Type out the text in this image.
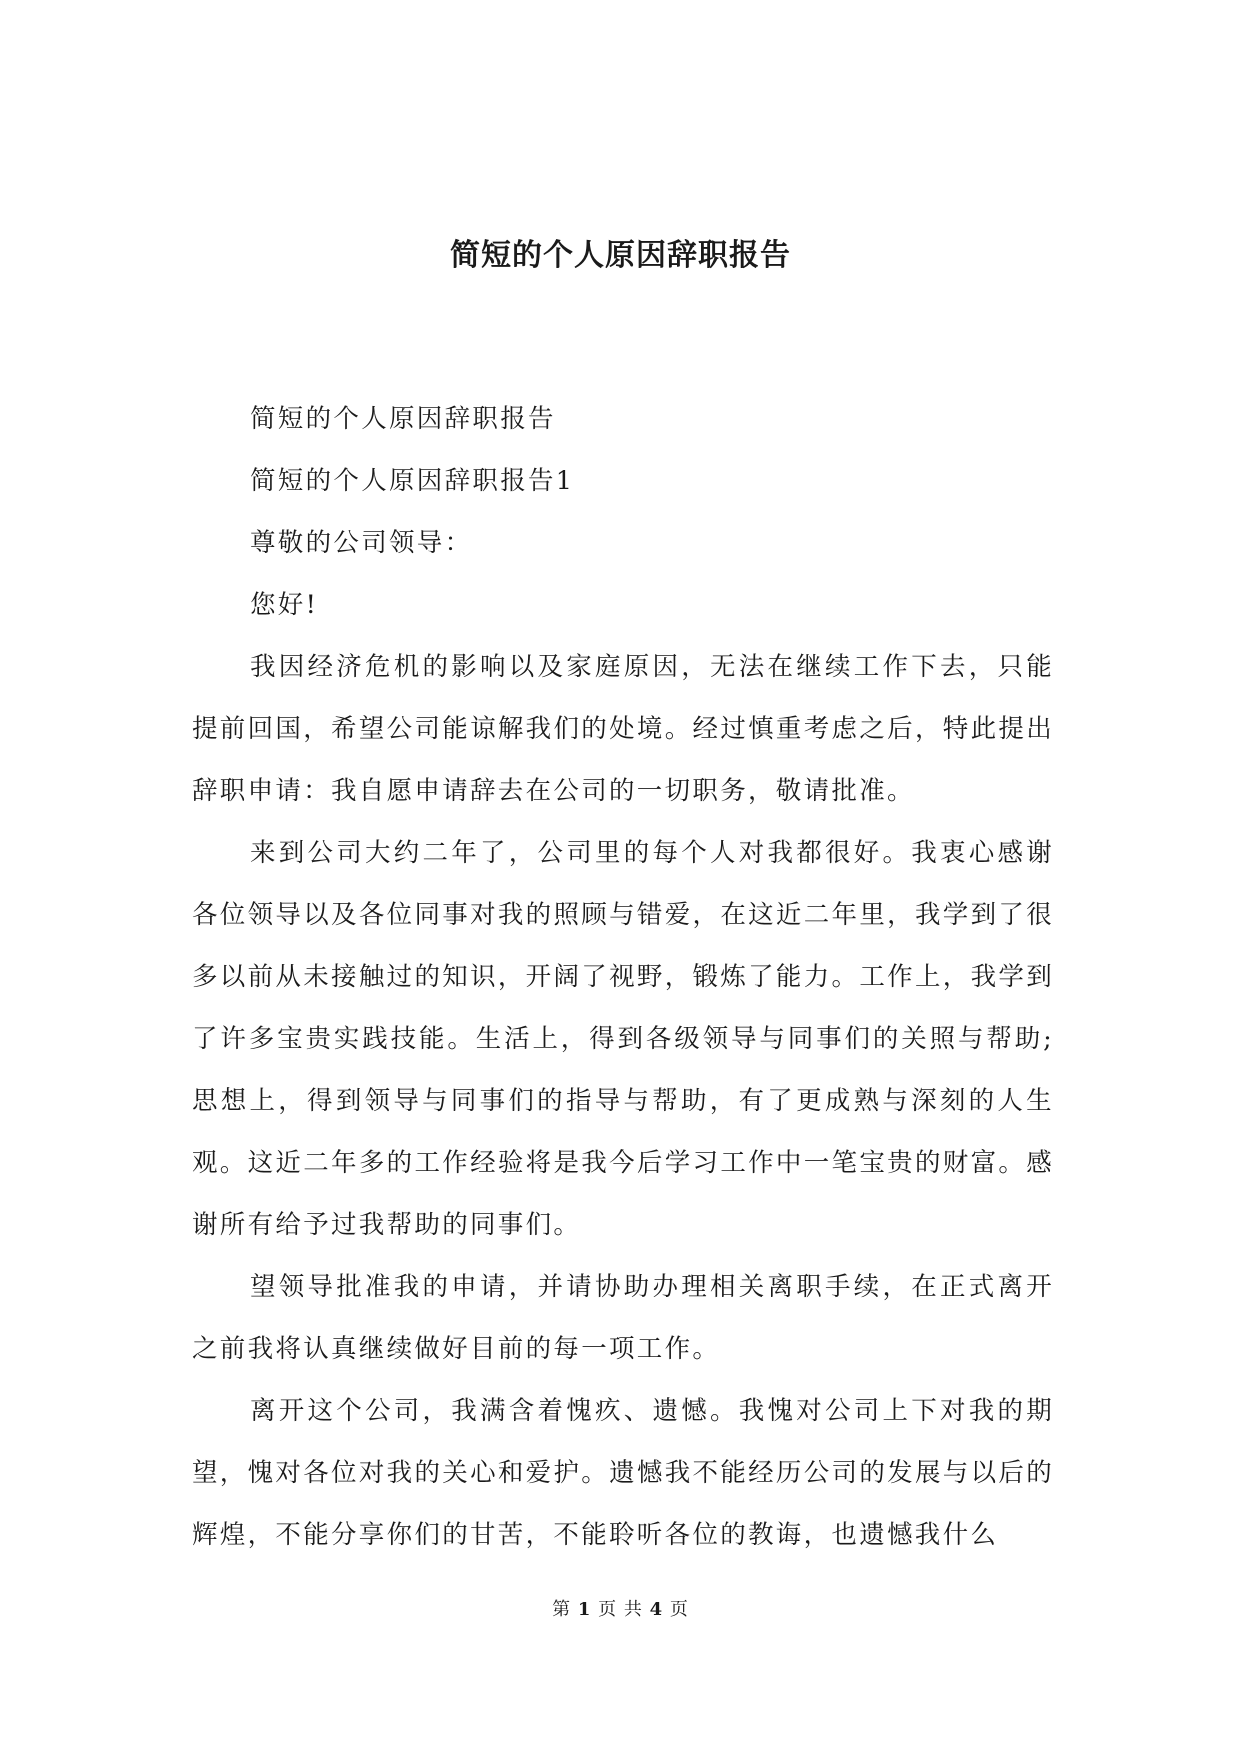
简短的个人原因辞职报告

简短的个人原因辞职报告

简短的个人原因辞职报告1

尊敬的公司领导：

您好!

我因经济危机的影响以及家庭原因，无法在继续工作下去，只能提前回国，希望公司能谅解我们的处境。经过慎重考虑之后，特此提出辞职申请：我自愿申请辞去在公司的一切职务，敬请批准。

来到公司大约二年了，公司里的每个人对我都很好。我衷心感谢各位领导以及各位同事对我的照顾与错爱，在这近二年里，我学到了很多以前从未接触过的知识，开阔了视野，锻炼了能力。工作上，我学到了许多宝贵实践技能。生活上，得到各级领导与同事们的关照与帮助;思想上，得到领导与同事们的指导与帮助，有了更成熟与深刻的人生观。这近二年多的工作经验将是我今后学习工作中一笔宝贵的财富。感谢所有给予过我帮助的同事们。

望领导批准我的申请，并请协助办理相关离职手续，在正式离开之前我将认真继续做好目前的每一项工作。

离开这个公司，我满含着愧疚、遗憾。我愧对公司上下对我的期望，愧对各位对我的关心和爱护。遗憾我不能经历公司的发展与以后的辉煌，不能分享你们的甘苦，不能聆听各位的教诲，也遗憾我什么

第 1 页 共 4 页
